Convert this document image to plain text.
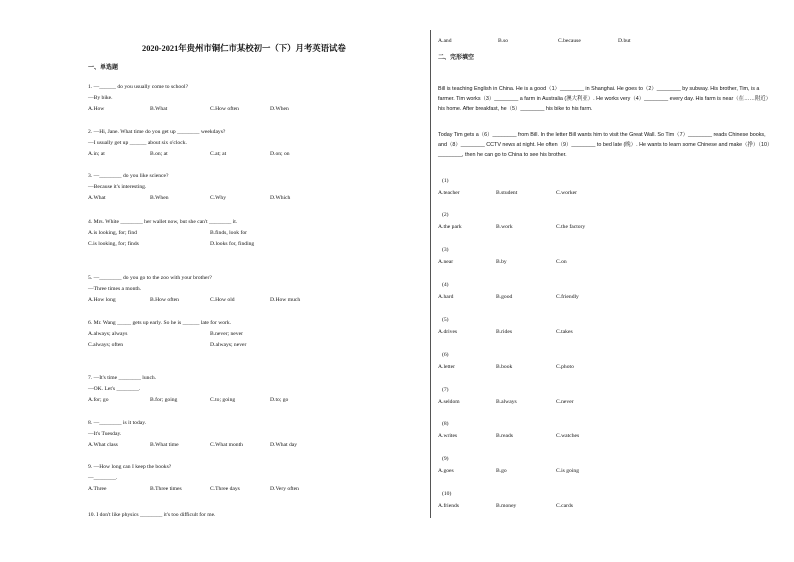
2020-2021年贵州市铜仁市某校初一（下）月考英语试卷
一、单选题
1. —______ do you usually come to school?
—By bike.
A.How	B.What	C.How often	D.When
2. —Hi, Jane. What time do you get up ________ weekdays?
—I usually get up ______ about six o'clock.
A.in; at	B.on; at	C.at; at	D.on; on
3. —________ do you like science?
—Because it's interesting.
A.What	B.When	C.Why	D.Which
4. Mrs. White ________ her wallet now, but she can't ________ it.
A.is looking, for; find	B.finds, look for
C.is looking, for; finds	D.looks for, finding
5. —________ do you go to the zoo with your brother?
—Three times a month.
A.How long	B.How often	C.How old	D.How much
6. Mr. Wang _____ gets up early. So he is ______ late for work.
A.always; always	B.never; never
C.always; often	D.always; never
7. —It's time ________ lunch.
—OK. Let's ________.
A.for; go	B.for; going	C.to; going	D.to; go
8. —________ is it today.
—It's Tuesday.
A.What class	B.What time	C.What month	D.What day
9. —How long can I keep the books?
—________.
A.Three	B.Three times	C.Three days	D.Very often
10. I don't like physics ________ it's too difficult for me.
A.and	B.so	C.because	D.but
二、完形填空
Bill is teaching English in China. He is a good（1）________ in Shanghai. He goes to（2）________ by subway. His brother, Tim, is a farmer. Tim works（3）________ a farm in Australia (澳大利亚）. He works very（4）________ every day. His farm is near（在……附近）his home. After breakfast, he（5）________ his bike to his farm.
Today Tim gets a（6）________ from Bill. In the letter Bill wants him to visit the Great Wall. So Tim（7）________ reads Chinese books, and（8）________ CCTV news at night. He often（9）________ to bed late (晚）. He wants to learn some Chinese and make（挣）（10）________, then he can go to China to see his brother.
(1)
A.teacher	B.student	C.worker
(2)
A.the park	B.work	C.the factory
(3)
A.near	B.by	C.on
(4)
A.hard	B.good	C.friendly
(5)
A.drives	B.rides	C.takes
(6)
A.letter	B.book	C.photo
(7)
A.seldom	B.always	C.never
(8)
A.writes	B.reads	C.watches
(9)
A.goes	B.go	C.is going
(10)
A.friends	B.money	C.cards
